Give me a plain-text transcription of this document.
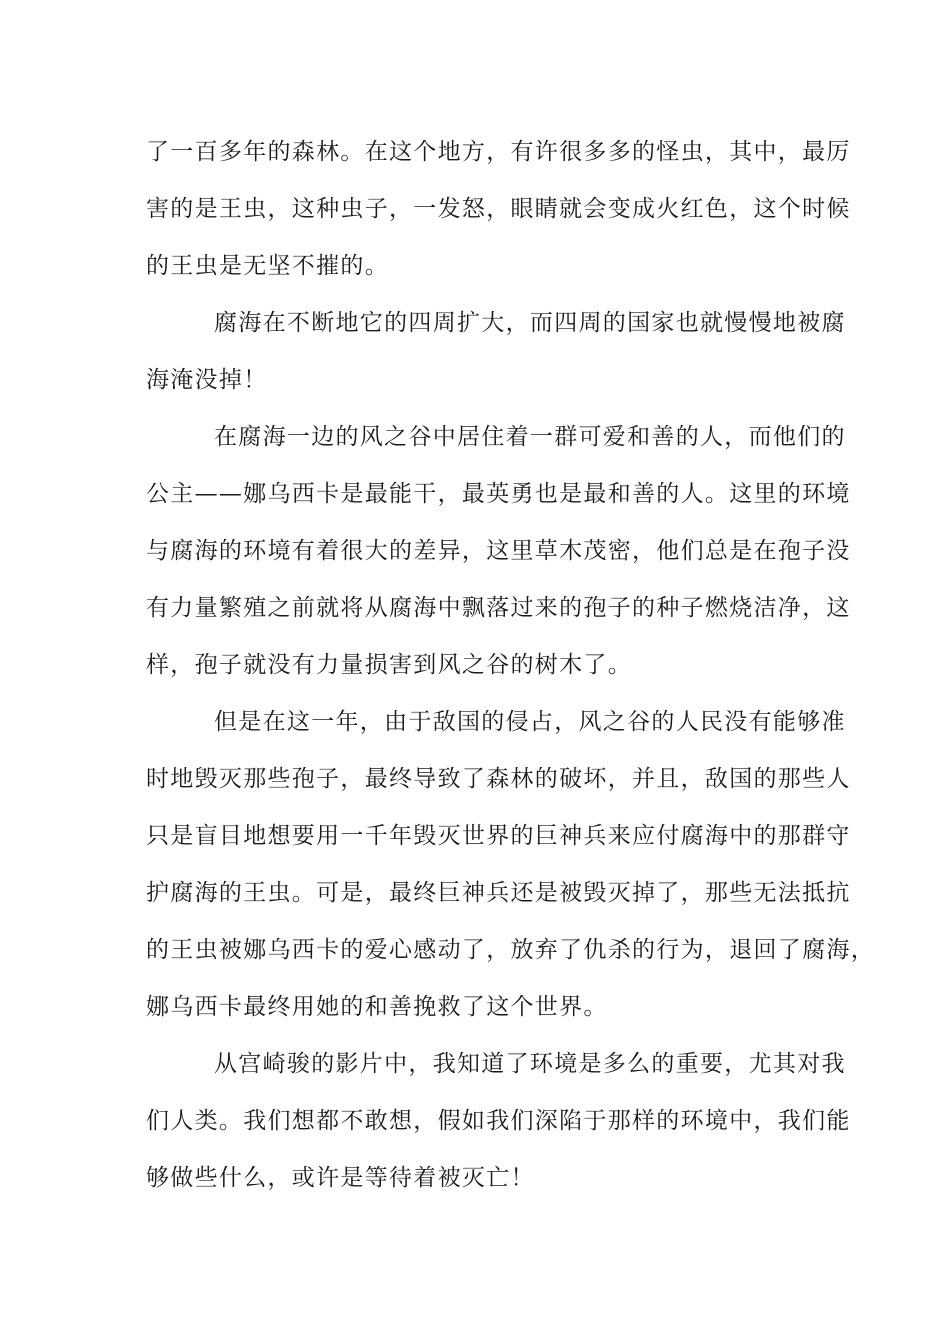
了一百多年的森林。在这个地方，有许很多多的怪虫，其中，最厉
害的是王虫，这种虫子，一发怒，眼睛就会变成火红色，这个时候
的王虫是无坚不摧的。
腐海在不断地它的四周扩大，而四周的国家也就慢慢地被腐
海淹没掉！
在腐海一边的风之谷中居住着一群可爱和善的人，而他们的
公主——娜乌西卡是最能干，最英勇也是最和善的人。这里的环境
与腐海的环境有着很大的差异，这里草木茂密，他们总是在孢子没
有力量繁殖之前就将从腐海中飘落过来的孢子的种子燃烧洁净，这
样，孢子就没有力量损害到风之谷的树木了。
但是在这一年，由于敌国的侵占，风之谷的人民没有能够准
时地毁灭那些孢子，最终导致了森林的破坏，并且，敌国的那些人
只是盲目地想要用一千年毁灭世界的巨神兵来应付腐海中的那群守
护腐海的王虫。可是，最终巨神兵还是被毁灭掉了，那些无法抵抗
的王虫被娜乌西卡的爱心感动了，放弃了仇杀的行为，退回了腐海，
娜乌西卡最终用她的和善挽救了这个世界。
从宫崎骏的影片中，我知道了环境是多么的重要，尤其对我
们人类。我们想都不敢想，假如我们深陷于那样的环境中，我们能
够做些什么，或许是等待着被灭亡！
